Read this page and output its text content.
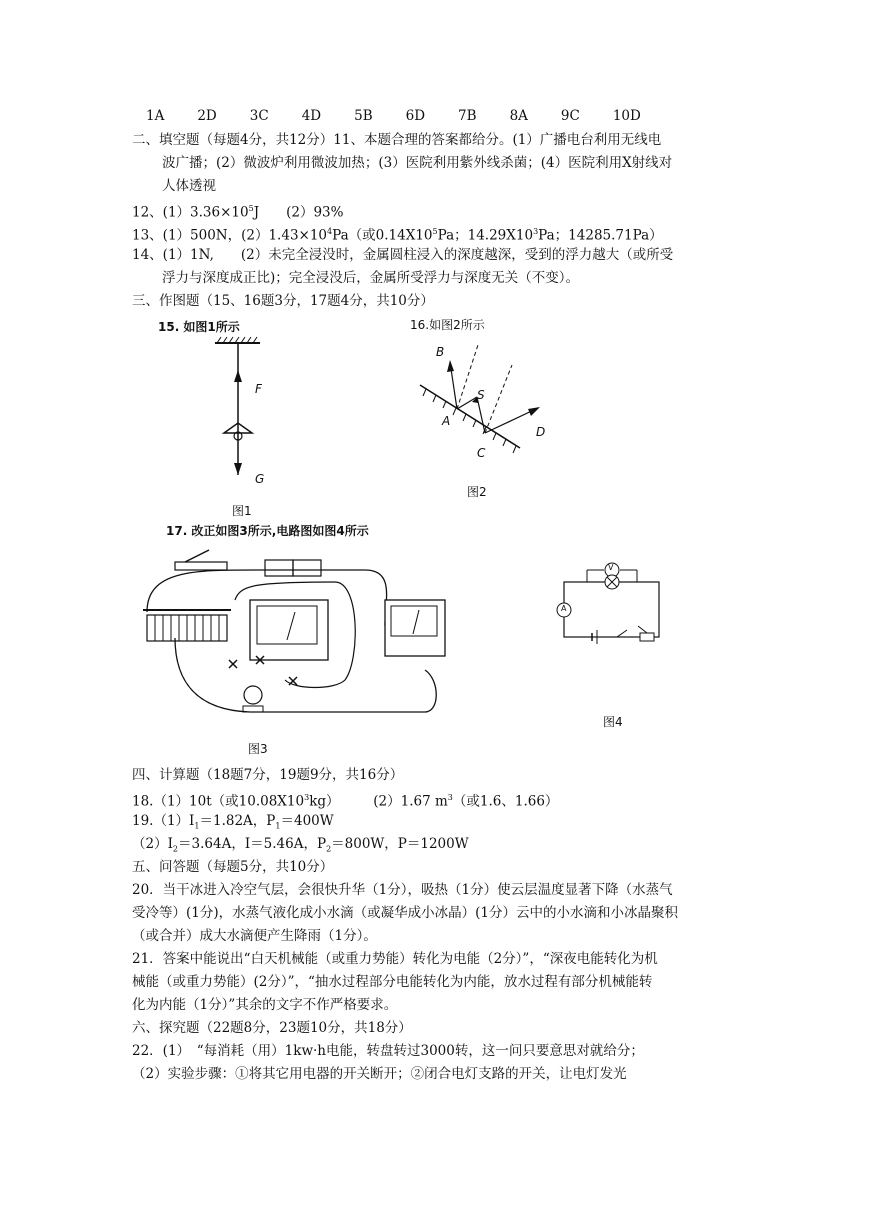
1A 2D 3C 4D 5B 6D 7B 8A 9C 10D
二、填空题（每题4分，共12分）11、本题合理的答案都给分。(1）广播电台利用无线电
波广播；(2）微波炉利用微波加热；(3）医院利用紫外线杀菌；(4）医院利用X射线对
人体透视
12、$(1)3.36\times 10^5J$　　(2）93%
13、(1）500N，$(2)1.43\times 10^4Pa$（或$0.14X10^5Pa$；$14.29X10^3Pa$；14285.71Pa）
14、(1）1N,　　(2）未完全浸没时，金属圆柱浸入的深度越深，受到的浮力越大（或所受
浮力与深度成正比)；完全浸没后，金属所受浮力与深度无关（不变）。
三、作图题（15、16题3分，17题4分，共10分）
15. 如图1所示
F
G
图1
16.如图2所示
B
S
A
C
D
图2
17. 改正如图3所示,电路图如图4所示
图3
V
A
图4
四、计算题（18题7分，19题9分，共16分）
18.（1）10t（或$10.08X10^3kg$）　　　(2）1.67 $m^3$（或1.6、1.66）
$19.(1)I_1=1.82A$，$P_1=400W$
$(2)I_2=3.64A$，I＝5.46A，$P_2=800W$，P＝1200W
五、问答题（每题5分，共10分）
20．当干冰进入冷空气层，会很快升华（1分），吸热（1分）使云层温度显著下降（水蒸气
受冷等）(1分)，水蒸气液化成小水滴（或凝华成小冰晶）(1分）云中的小水滴和小冰晶聚积
（或合并）成大水滴便产生降雨（1分）。
21．答案中能说出“白天机械能（或重力势能）转化为电能（2分）”，“深夜电能转化为机
械能（或重力势能）(2分）”，“抽水过程部分电能转化为内能，放水过程有部分机械能转
化为内能（1分）”其余的文字不作严格要求。
六、探究题（22题8分，23题10分，共18分）
22．(1）　“每消耗（用）1kw·h电能，转盘转过3000转，这一问只要意思对就给分；
（2）实验步骤：①将其它用电器的开关断开；②闭合电灯支路的开关，让电灯发光
